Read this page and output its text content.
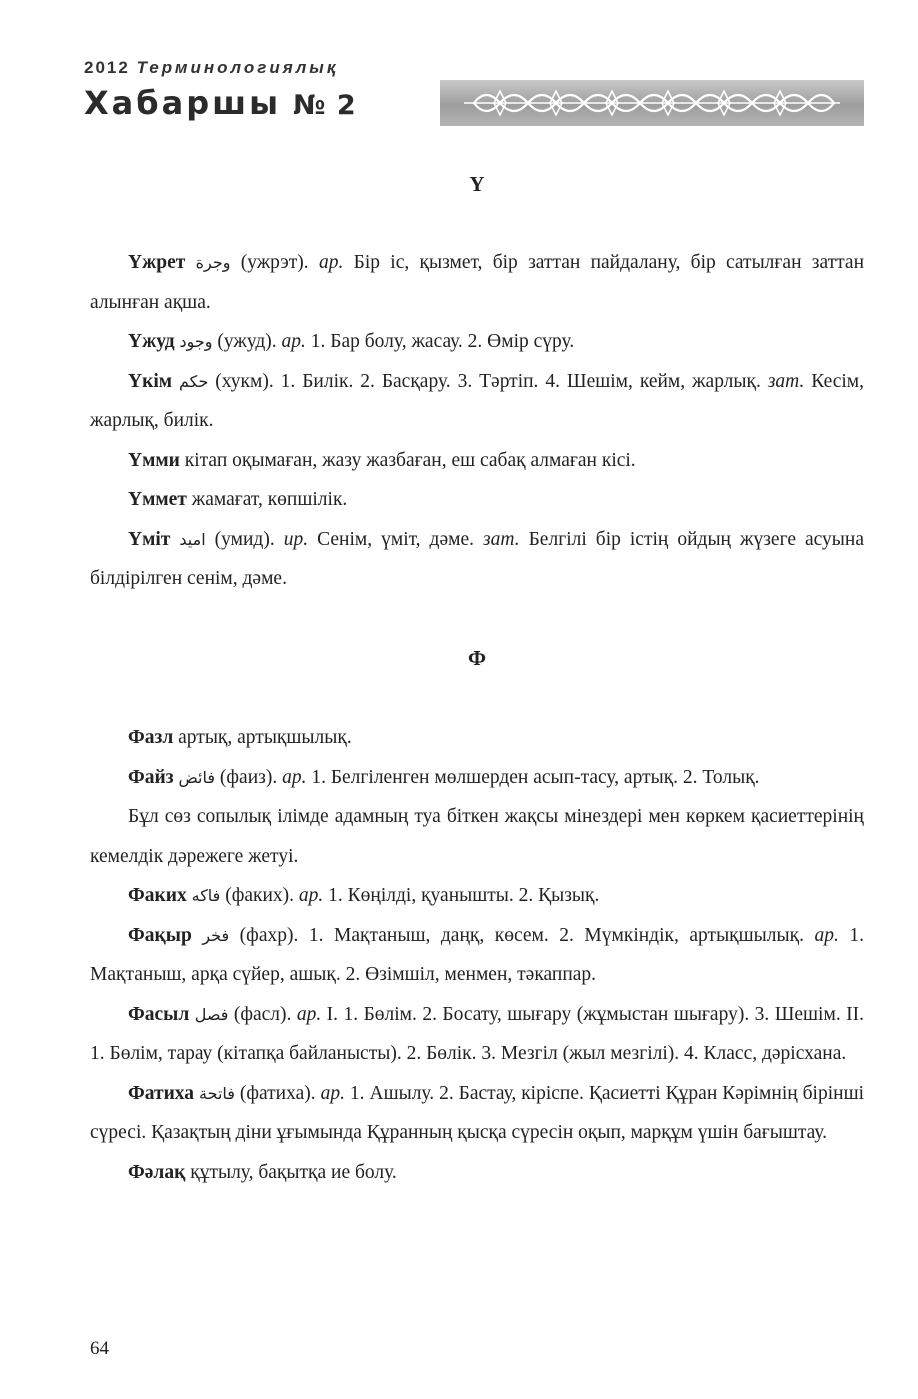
2012 Терминологиялық
Хабаршы № 2
Ү

Үжрет وجرة (ужрэт). ар. Бір іс, қызмет, бір заттан пайдалану, бір сатылған заттан алынған ақша.

Үжуд وجود (ужуд). ар. 1. Бар болу, жасау. 2. Өмір сүру.

Үкім حكم (хукм). 1. Билік. 2. Басқару. 3. Тәртіп. 4. Шешім, кейм, жарлық. зат. Кесім, жарлық, билік.

Үмми кітап оқымаған, жазу жазбаған, еш сабақ алмаған кісі.

Үммет жамағат, көпшілік.

Үміт اميد (умид). ир. Сенім, үміт, дәме. зат. Белгілі бір істің ойдың жүзеге асуына білдірілген сенім, дәме.

Ф

Фазл артық, артықшылық.

Файз فائض (фаиз). ар. 1. Белгіленген мөлшерден асып-тасу, артық. 2. Толық.

Бұл сөз сопылық ілімде адамның туа біткен жақсы мінездері мен көркем қасиеттерінің кемелдік дәрежеге жетуі.

Факих فاكه (факих). ар. 1. Көңілді, қуанышты. 2. Қызық.

Фақыр فخر (фахр). 1. Мақтаныш, даңқ, көсем. 2. Мүмкіндік, артықшылық. ар. 1. Мақтаныш, арқа сүйер, ашық. 2. Өзімшіл, менмен, тәкаппар.

Фасыл فصل (фасл). ар. I. 1. Бөлім. 2. Босату, шығару (жұмыстан шығару). 3. Шешім. II. 1. Бөлім, тарау (кітапқа байланысты). 2. Бөлік. 3. Мезгіл (жыл мезгілі). 4. Класс, дәрісхана.

Фатиха فاتحة (фатиха). ар. 1. Ашылу. 2. Бастау, кіріспе. Қасиетті Құран Кәрімнің бірінші сүресі. Қазақтың діни ұғымында Құранның қысқа сүресін оқып, марқұм үшін бағыштау.

Фәлақ құтылу, бақытқа ие болу.

64
